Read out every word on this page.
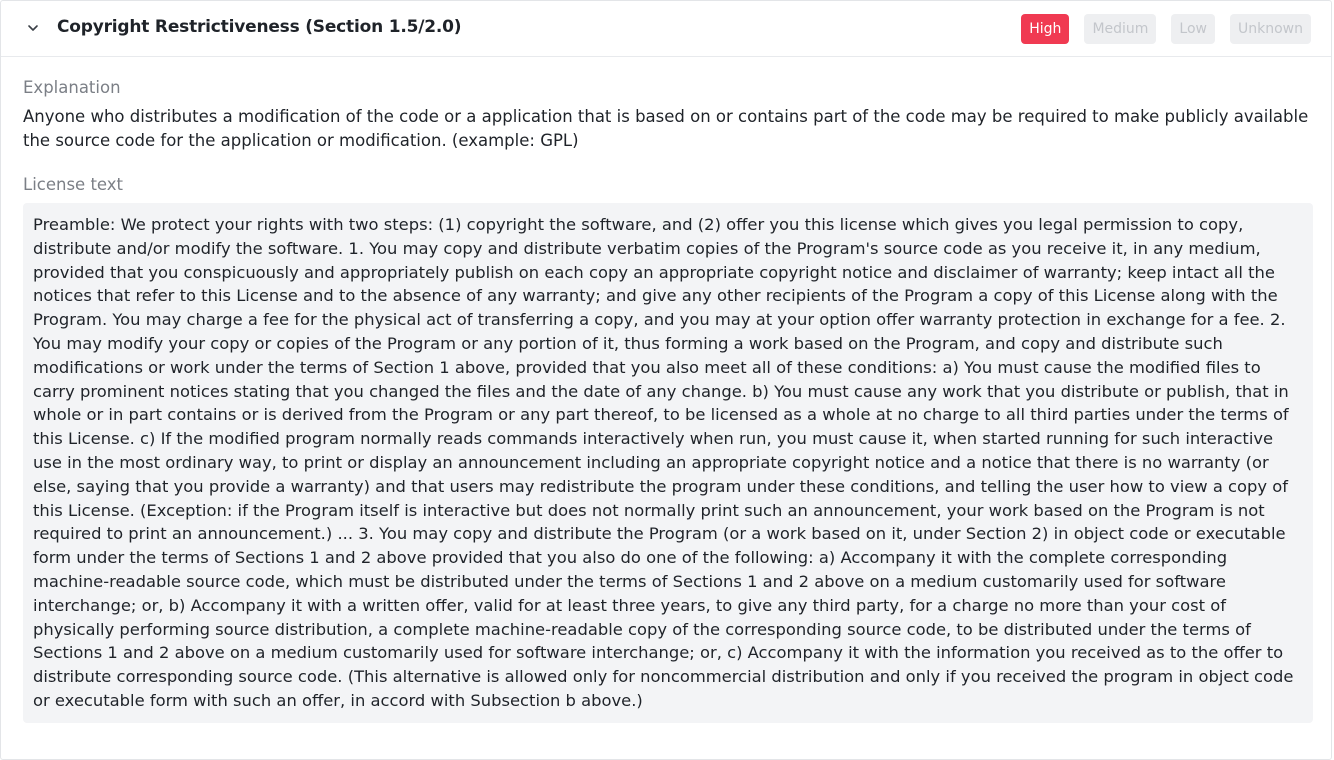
Copyright Restrictiveness (Section 1.5/2.0)	High	Medium	Low	Unknown
Explanation
Anyone who distributes a modification of the code or a application that is based on or contains part of the code may be required to make publicly available the source code for the application or modification. (example: GPL)
License text

Preamble: We protect your rights with two steps: (1) copyright the software, and (2) offer you this license which gives you legal permission to copy, distribute and/or modify the software. 1. You may copy and distribute verbatim copies of the Program's source code as you receive it, in any medium, provided that you conspicuously and appropriately publish on each copy an appropriate copyright notice and disclaimer of warranty; keep intact all the notices that refer to this License and to the absence of any warranty; and give any other recipients of the Program a copy of this License along with the Program. You may charge a fee for the physical act of transferring a copy, and you may at your option offer warranty protection in exchange for a fee. 2. You may modify your copy or copies of the Program or any portion of it, thus forming a work based on the Program, and copy and distribute such modifications or work under the terms of Section 1 above, provided that you also meet all of these conditions: a) You must cause the modified files to carry prominent notices stating that you changed the files and the date of any change. b) You must cause any work that you distribute or publish, that in whole or in part contains or is derived from the Program or any part thereof, to be licensed as a whole at no charge to all third parties under the terms of this License. c) If the modified program normally reads commands interactively when run, you must cause it, when started running for such interactive use in the most ordinary way, to print or display an announcement including an appropriate copyright notice and a notice that there is no warranty (or else, saying that you provide a warranty) and that users may redistribute the program under these conditions, and telling the user how to view a copy of this License. (Exception: if the Program itself is interactive but does not normally print such an announcement, your work based on the Program is not required to print an announcement.) ... 3. You may copy and distribute the Program (or a work based on it, under Section 2) in object code or executable form under the terms of Sections 1 and 2 above provided that you also do one of the following: a) Accompany it with the complete corresponding machine-readable source code, which must be distributed under the terms of Sections 1 and 2 above on a medium customarily used for software interchange; or, b) Accompany it with a written offer, valid for at least three years, to give any third party, for a charge no more than your cost of physically performing source distribution, a complete machine-readable copy of the corresponding source code, to be distributed under the terms of Sections 1 and 2 above on a medium customarily used for software interchange; or, c) Accompany it with the information you received as to the offer to distribute corresponding source code. (This alternative is allowed only for noncommercial distribution and only if you received the program in object code or executable form with such an offer, in accord with Subsection b above.)
